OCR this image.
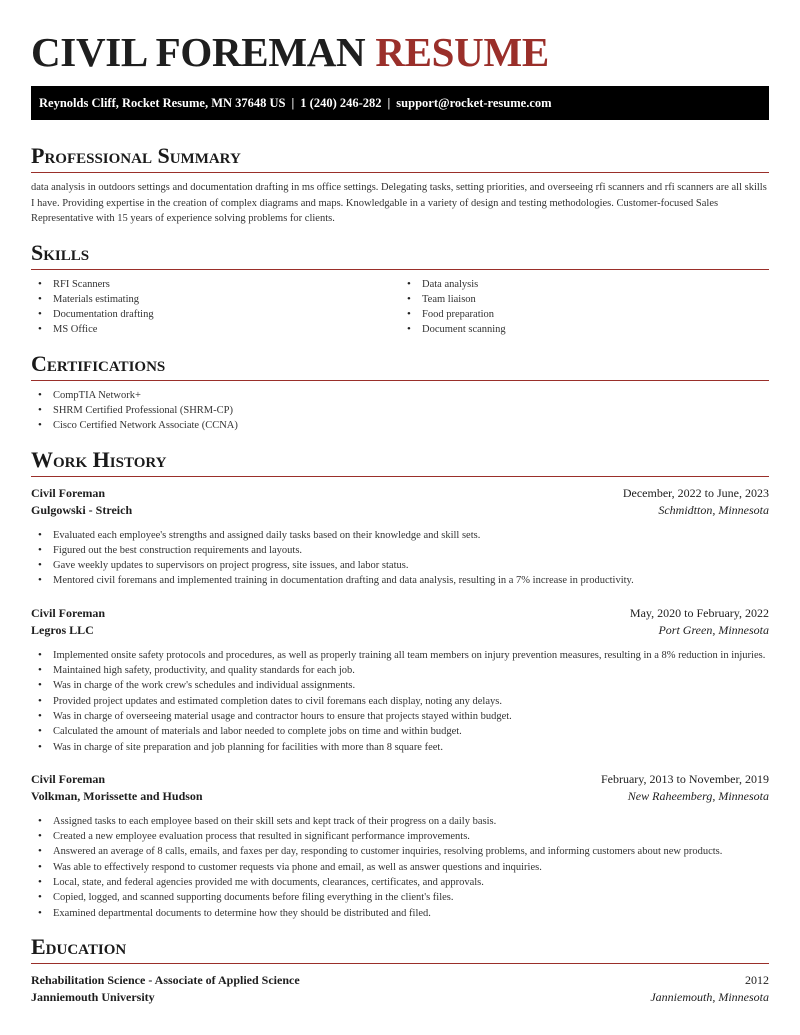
CIVIL FOREMAN RESUME
Reynolds Cliff, Rocket Resume, MN 37648 US | 1 (240) 246-282 | support@rocket-resume.com
Professional Summary

data analysis in outdoors settings and documentation drafting in ms office settings. Delegating tasks, setting priorities, and overseeing rfi scanners and rfi scanners are all skills I have. Providing expertise in the creation of complex diagrams and maps. Knowledgable in a variety of design and testing methodologies. Customer-focused Sales Representative with 15 years of experience solving problems for clients.

Skills
• RFI Scanners
• Materials estimating
• Documentation drafting
• MS Office
• Data analysis
• Team liaison
• Food preparation
• Document scanning
Certifications
• CompTIA Network+
• SHRM Certified Professional (SHRM-CP)
• Cisco Certified Network Associate (CCNA)
Work History
Civil Foreman	December, 2022 to June, 2023
Gulgowski - Streich	Schmidtton, Minnesota
• Evaluated each employee's strengths and assigned daily tasks based on their knowledge and skill sets.
• Figured out the best construction requirements and layouts.
• Gave weekly updates to supervisors on project progress, site issues, and labor status.
• Mentored civil foremans and implemented training in documentation drafting and data analysis, resulting in a 7% increase in productivity.
Civil Foreman	May, 2020 to February, 2022
Legros LLC	Port Green, Minnesota
• Implemented onsite safety protocols and procedures, as well as properly training all team members on injury prevention measures, resulting in a 8% reduction in injuries.
• Maintained high safety, productivity, and quality standards for each job.
• Was in charge of the work crew's schedules and individual assignments.
• Provided project updates and estimated completion dates to civil foremans each display, noting any delays.
• Was in charge of overseeing material usage and contractor hours to ensure that projects stayed within budget.
• Calculated the amount of materials and labor needed to complete jobs on time and within budget.
• Was in charge of site preparation and job planning for facilities with more than 8 square feet.
Civil Foreman	February, 2013 to November, 2019
Volkman, Morissette and Hudson	New Raheemberg, Minnesota
• Assigned tasks to each employee based on their skill sets and kept track of their progress on a daily basis.
• Created a new employee evaluation process that resulted in significant performance improvements.
• Answered an average of 8 calls, emails, and faxes per day, responding to customer inquiries, resolving problems, and informing customers about new products.
• Was able to effectively respond to customer requests via phone and email, as well as answer questions and inquiries.
• Local, state, and federal agencies provided me with documents, clearances, certificates, and approvals.
• Copied, logged, and scanned supporting documents before filing everything in the client's files.
• Examined departmental documents to determine how they should be distributed and filed.
Education
Rehabilitation Science - Associate of Applied Science	2012
Janniemouth University	Janniemouth, Minnesota
